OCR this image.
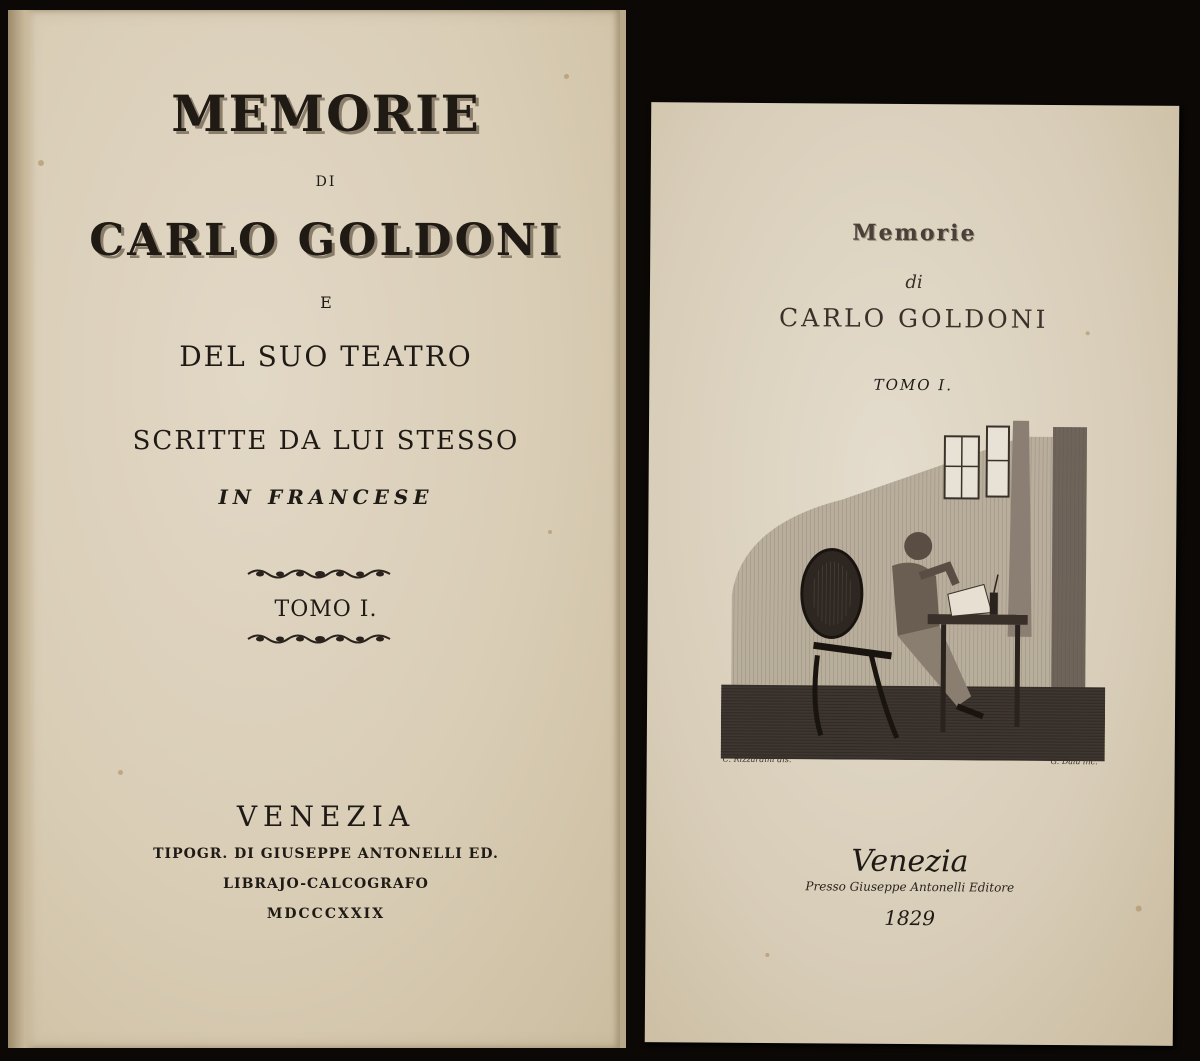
MEMORIE
DI
CARLO GOLDONI
E
DEL SUO TEATRO
SCRITTE DA LUI STESSO
IN FRANCESE
TOMO I.
VENEZIA
TIPOGR. DI GIUSEPPE ANTONELLI ED.
LIBRAJO-CALCOGRAFO
MDCCCXXIX
Memorie
di
CARLO GOLDONI
TOMO I.
C. Rizzardini dis.	G. Dala inc.
Venezia
Presso Giuseppe Antonelli Editore
1829
